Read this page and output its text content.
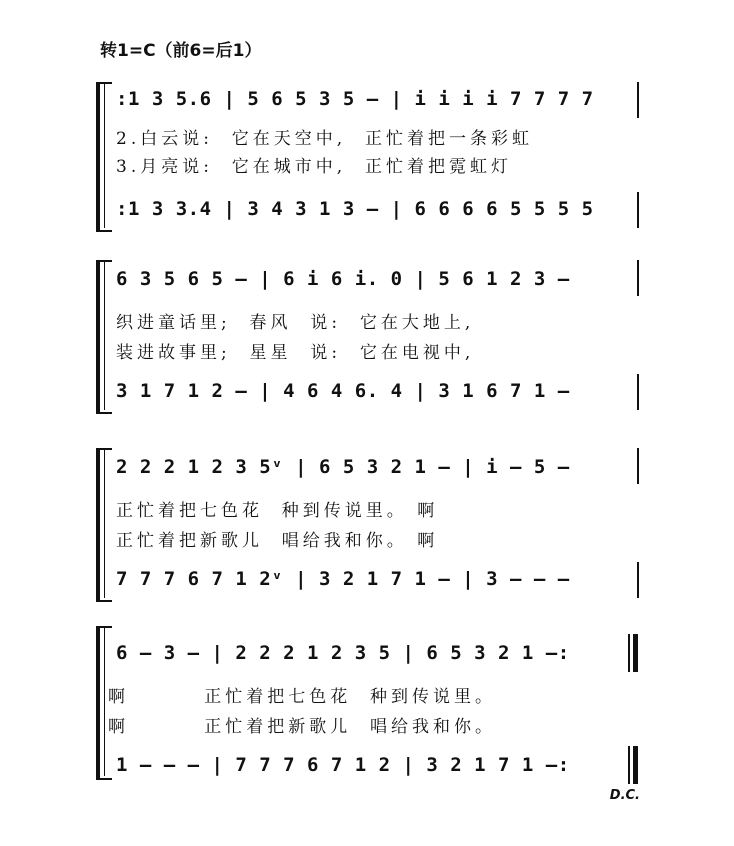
转1=C（前6=后1）
:1 3 5.6 | 5 6 5 3 5 – | i i i i 7 7 7 7
2.白云说:  它在天空中,  正忙着把一条彩虹
3.月亮说:  它在城市中,  正忙着把霓虹灯
:1 3 3.4 | 3 4 3 1 3 – | 6 6 6 6 5 5 5 5
6 3 5 6 5 – | 6 i 6 i. 0 | 5 6 1 2 3 –
织进童话里;  春风  说:  它在大地上,
装进故事里;  星星  说:  它在电视中,
3 1 7 1 2 – | 4 6 4 6. 4 | 3 1 6 7 1 –
2 2 2 1 2 3 5ᵛ | 6 5 3 2 1 – | i – 5 –
正忙着把七色花  种到传说里。 啊
正忙着把新歌儿  唱给我和你。 啊
7 7 7 6 7 1 2ᵛ | 3 2 1 7 1 – | 3 – – –
6 – 3 – | 2 2 2 1 2 3 5 | 6 5 3 2 1 –:
啊        正忙着把七色花  种到传说里。
啊        正忙着把新歌儿  唱给我和你。
1 – – – | 7 7 7 6 7 1 2 | 3 2 1 7 1 –:
D.C.
